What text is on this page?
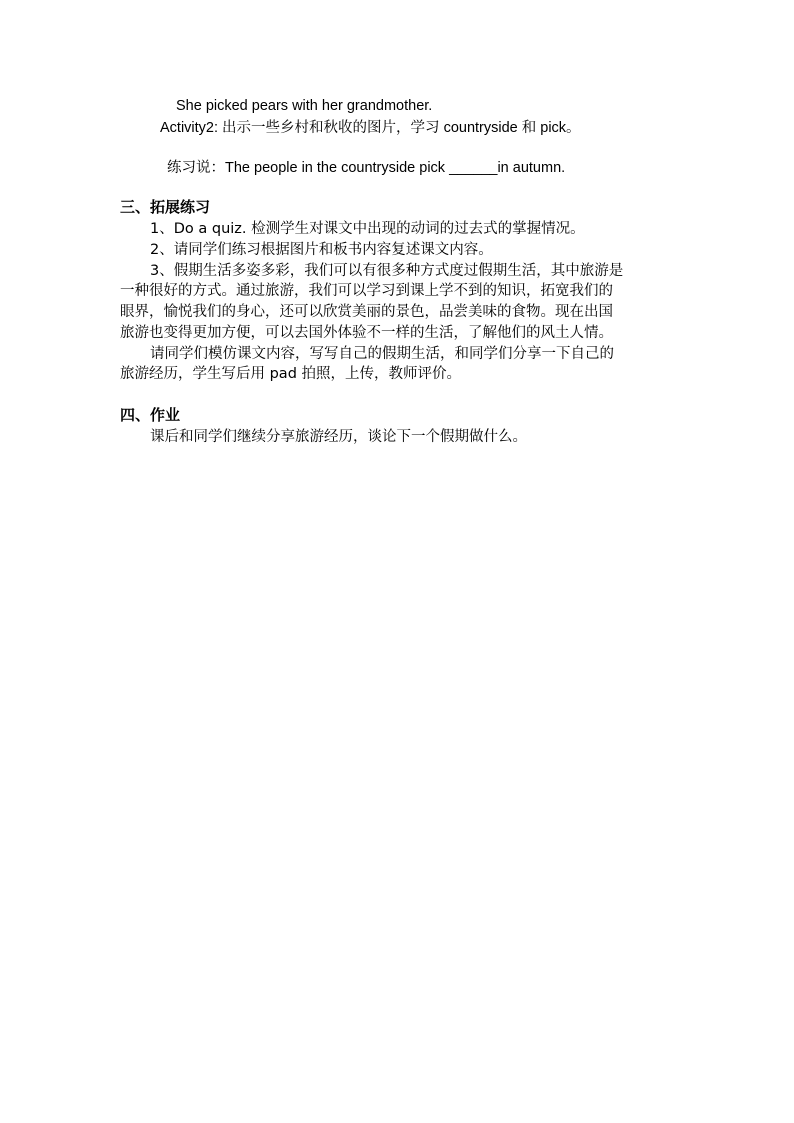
She picked pears with her grandmother.
Activity2: 出示一些乡村和秋收的图片，学习 countryside 和 pick。
练习说：The people in the countryside pick ______in autumn.
三、拓展练习
1、Do a quiz. 检测学生对课文中出现的动词的过去式的掌握情况。
2、请同学们练习根据图片和板书内容复述课文内容。
3、假期生活多姿多彩，我们可以有很多种方式度过假期生活，其中旅游是
一种很好的方式。通过旅游，我们可以学习到课上学不到的知识，拓宽我们的
眼界，愉悦我们的身心，还可以欣赏美丽的景色，品尝美味的食物。现在出国
旅游也变得更加方便，可以去国外体验不一样的生活，了解他们的风土人情。
请同学们模仿课文内容，写写自己的假期生活，和同学们分享一下自己的
旅游经历，学生写后用 pad 拍照，上传，教师评价。
四、作业
课后和同学们继续分享旅游经历，谈论下一个假期做什么。
